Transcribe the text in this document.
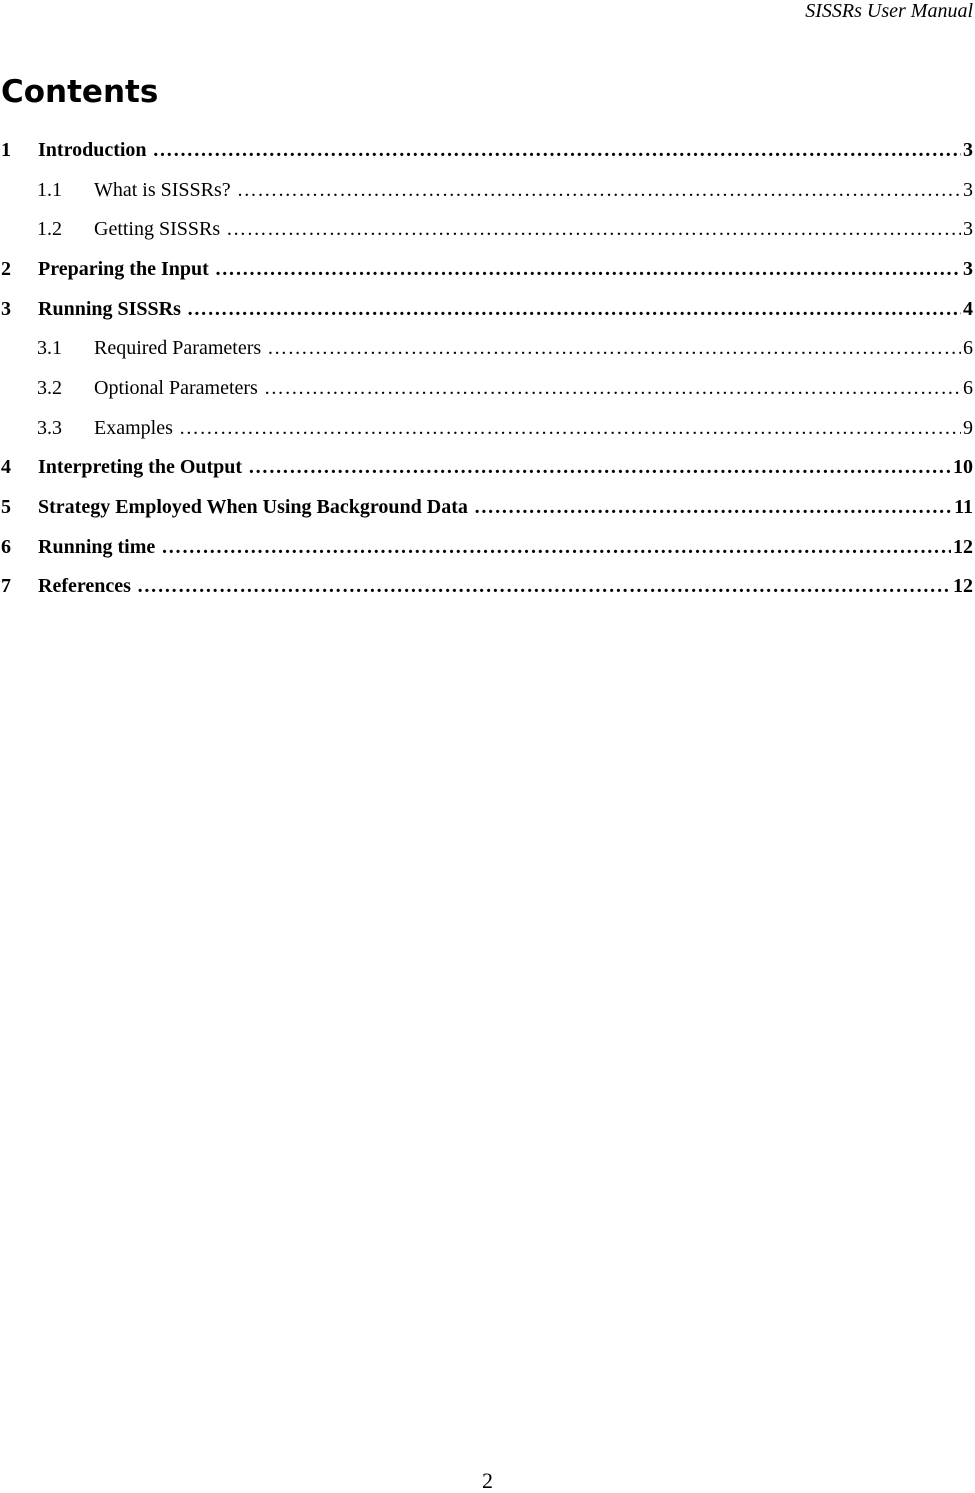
SISSRs User Manual
Contents
1	Introduction ……………………………………………………………………………………………………………………………………………………………………………………………………………………	3
1.1	What is SISSRs? ……………………………………………………………………………………………………………………………………………………………………………………………………………………	3
1.2	Getting SISSRs ……………………………………………………………………………………………………………………………………………………………………………………………………………………	3
2	Preparing the Input ……………………………………………………………………………………………………………………………………………………………………………………………………………………	3
3	Running SISSRs ……………………………………………………………………………………………………………………………………………………………………………………………………………………	4
3.1	Required Parameters ……………………………………………………………………………………………………………………………………………………………………………………………………………………	6
3.2	Optional Parameters ……………………………………………………………………………………………………………………………………………………………………………………………………………………	6
3.3	Examples ……………………………………………………………………………………………………………………………………………………………………………………………………………………	9
4	Interpreting the Output ……………………………………………………………………………………………………………………………………………………………………………………………………………………	10
5	Strategy Employed When Using Background Data ……………………………………………………………………………………………………………………………………………………………………………………………………………………	11
6	Running time ……………………………………………………………………………………………………………………………………………………………………………………………………………………	12
7	References ……………………………………………………………………………………………………………………………………………………………………………………………………………………	12
2
